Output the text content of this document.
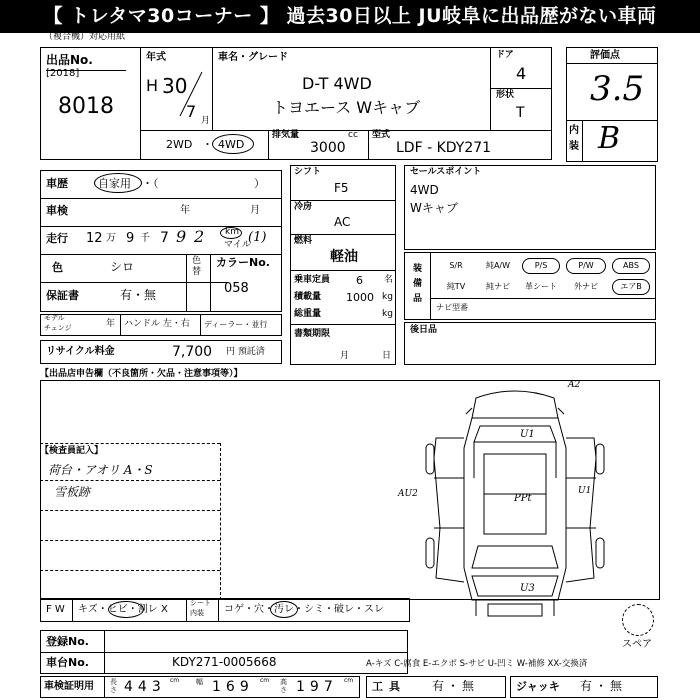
【 トレタマ30コーナー 】 過去30日以上 JU岐阜に出品歴がない車両
（複合機）対応用紙
出品No.
[2018]
8018
年式
H 30
7 月
車名・グレード
D-T 4WD
トヨエース Wキャブ
ドア
4
形状
T
2WD ・ 4WD
排気量	cc
3000
型式
LDF - KDY271
評価点
3.5
内
装 B
車歴	自家用 ・（	）
車検	年	月
走行 12 万 9 千 7 9 2 km
マイル
(1)
色	シロ	色
替
カラーNo.
058
保証書	有・無
モデル
チェンジ	年 ハンドル 左・右 ディーラー・並行
リサイクル料金	7,700 円 預託済
シフト
F5
冷房
AC
燃料
軽油
乗車定員 6 名
積載量 1000 kg
総重量	kg
書類期限
月	日
セールスポイント
4WD
Wキャブ
装
備
品
S/R	純A/W	P/S	P/W	ABS
純TV	純ナビ	革シート	外ナビ	エアB
ナビ型番
後日品
【出品店申告欄（不良箇所・欠品・注意事項等）】
【検査員記入】
荷台・アオリ A・S
雪板跡
A2
U1
AU2	PPt
U1
U3
F W キズ・ヒビ・割レ X
シート
内装 コゲ・穴・汚レ・シミ・破レ・スレ
スペア
登録No.
車台No.	KDY271-0005668	A-キズ C-腐食 E-エクボ S-サビ U-凹ミ W-補修 XX-交換済
車検証明用 長さ 443 cm 幅 169 cm 高さ 197 cm 工具 有・無	ジャッキ 有・無
